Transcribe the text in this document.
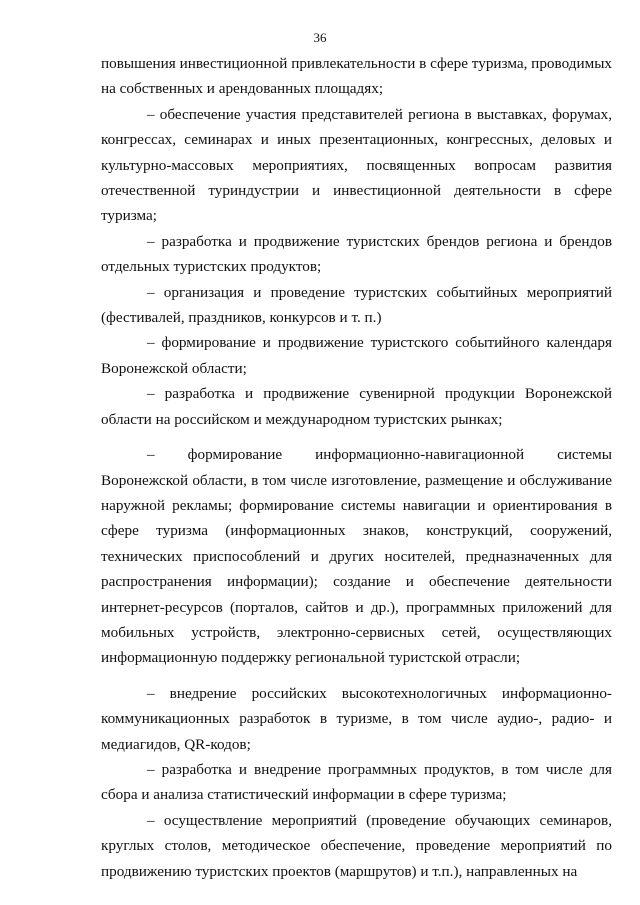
36

повышения инвестиционной привлекательности в сфере туризма, проводимых на собственных и арендованных площадях;

– обеспечение участия представителей региона в выставках, форумах, конгрессах, семинарах и иных презентационных, конгрессных, деловых и культурно-массовых мероприятиях, посвященных вопросам развития отечественной туриндустрии и инвестиционной деятельности в сфере туризма;

– разработка и продвижение туристских брендов региона и брендов отдельных туристских продуктов;

– организация и проведение туристских событийных мероприятий (фестивалей, праздников, конкурсов и т. п.)

– формирование и продвижение туристского событийного календаря Воронежской области;

– разработка и продвижение сувенирной продукции Воронежской области на российском и международном туристских рынках;

– формирование информационно-навигационной системы Воронежской области, в том числе изготовление, размещение и обслуживание наружной рекламы; формирование системы навигации и ориентирования в сфере туризма (информационных знаков, конструкций, сооружений, технических приспособлений и других носителей, предназначенных для распространения информации); создание и обеспечение деятельности интернет-ресурсов (порталов, сайтов и др.), программных приложений для мобильных устройств, электронно-сервисных сетей, осуществляющих информационную поддержку региональной туристской отрасли;

– внедрение российских высокотехнологичных информационно-коммуникационных разработок в туризме, в том числе аудио-, радио- и медиагидов, QR-кодов;

– разработка и внедрение программных продуктов, в том числе для сбора и анализа статистический информации в сфере туризма;

– осуществление мероприятий (проведение обучающих семинаров, круглых столов, методическое обеспечение, проведение мероприятий по продвижению туристских проектов (маршрутов) и т.п.), направленных на
